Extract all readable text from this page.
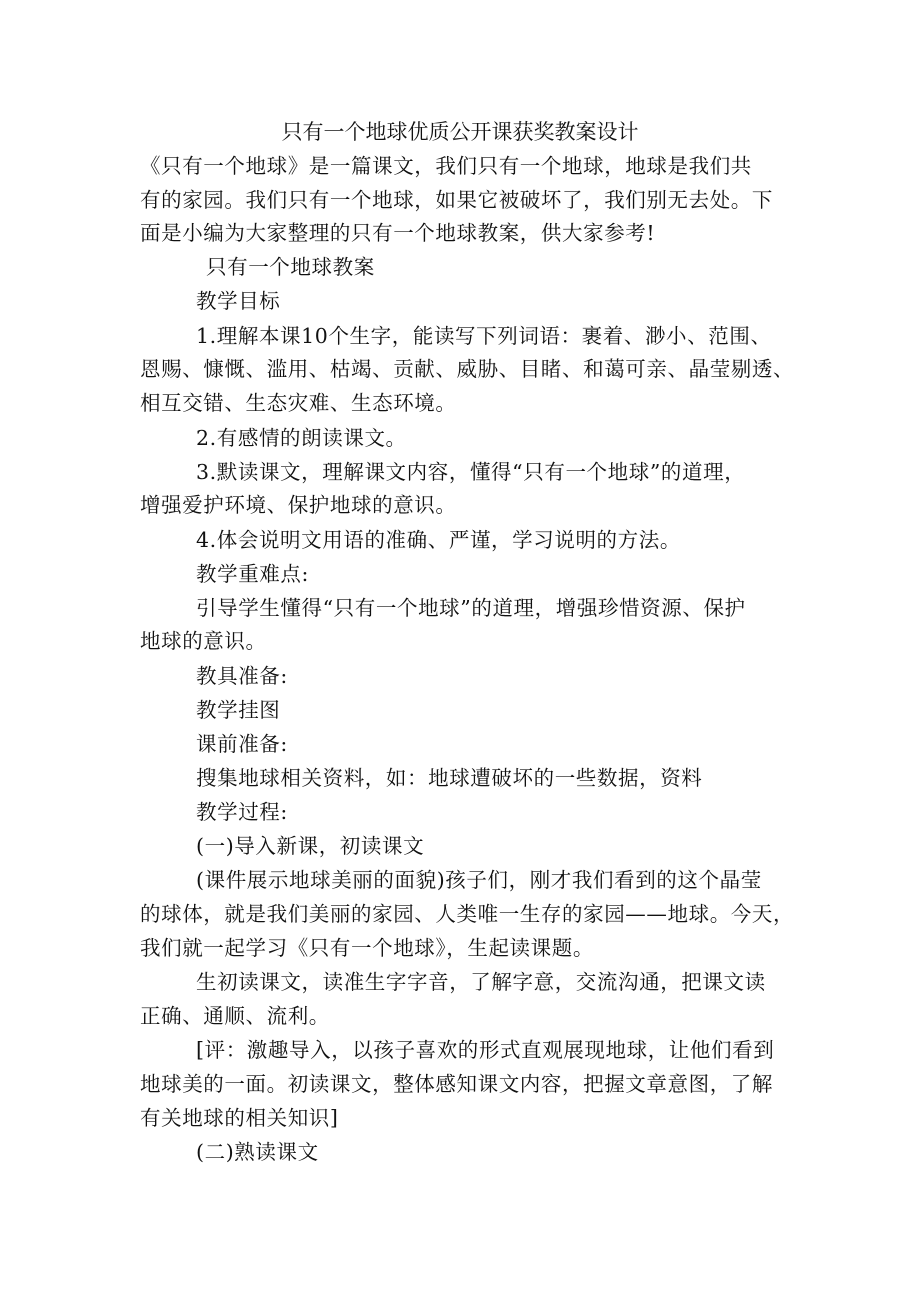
只有一个地球优质公开课获奖教案设计
《只有一个地球》是一篇课文，我们只有一个地球，地球是我们共
有的家园。我们只有一个地球，如果它被破坏了，我们别无去处。下
面是小编为大家整理的只有一个地球教案，供大家参考!
只有一个地球教案
教学目标
1.理解本课10个生字，能读写下列词语：裹着、渺小、范围、
恩赐、慷慨、滥用、枯竭、贡献、威胁、目睹、和蔼可亲、晶莹剔透、
相互交错、生态灾难、生态环境。
2.有感情的朗读课文。
3.默读课文，理解课文内容，懂得“只有一个地球”的道理，
增强爱护环境、保护地球的意识。
4.体会说明文用语的准确、严谨，学习说明的方法。
教学重难点:
引导学生懂得“只有一个地球”的道理，增强珍惜资源、保护
地球的意识。
教具准备:
教学挂图
课前准备:
搜集地球相关资料，如：地球遭破坏的一些数据，资料
教学过程:
(一)导入新课，初读课文
(课件展示地球美丽的面貌)孩子们，刚才我们看到的这个晶莹
的球体，就是我们美丽的家园、人类唯一生存的家园——地球。今天，
我们就一起学习《只有一个地球》，生起读课题。
生初读课文，读准生字字音，了解字意，交流沟通，把课文读
正确、通顺、流利。
[评：激趣导入，以孩子喜欢的形式直观展现地球，让他们看到
地球美的一面。初读课文，整体感知课文内容，把握文章意图，了解
有关地球的相关知识]
(二)熟读课文
